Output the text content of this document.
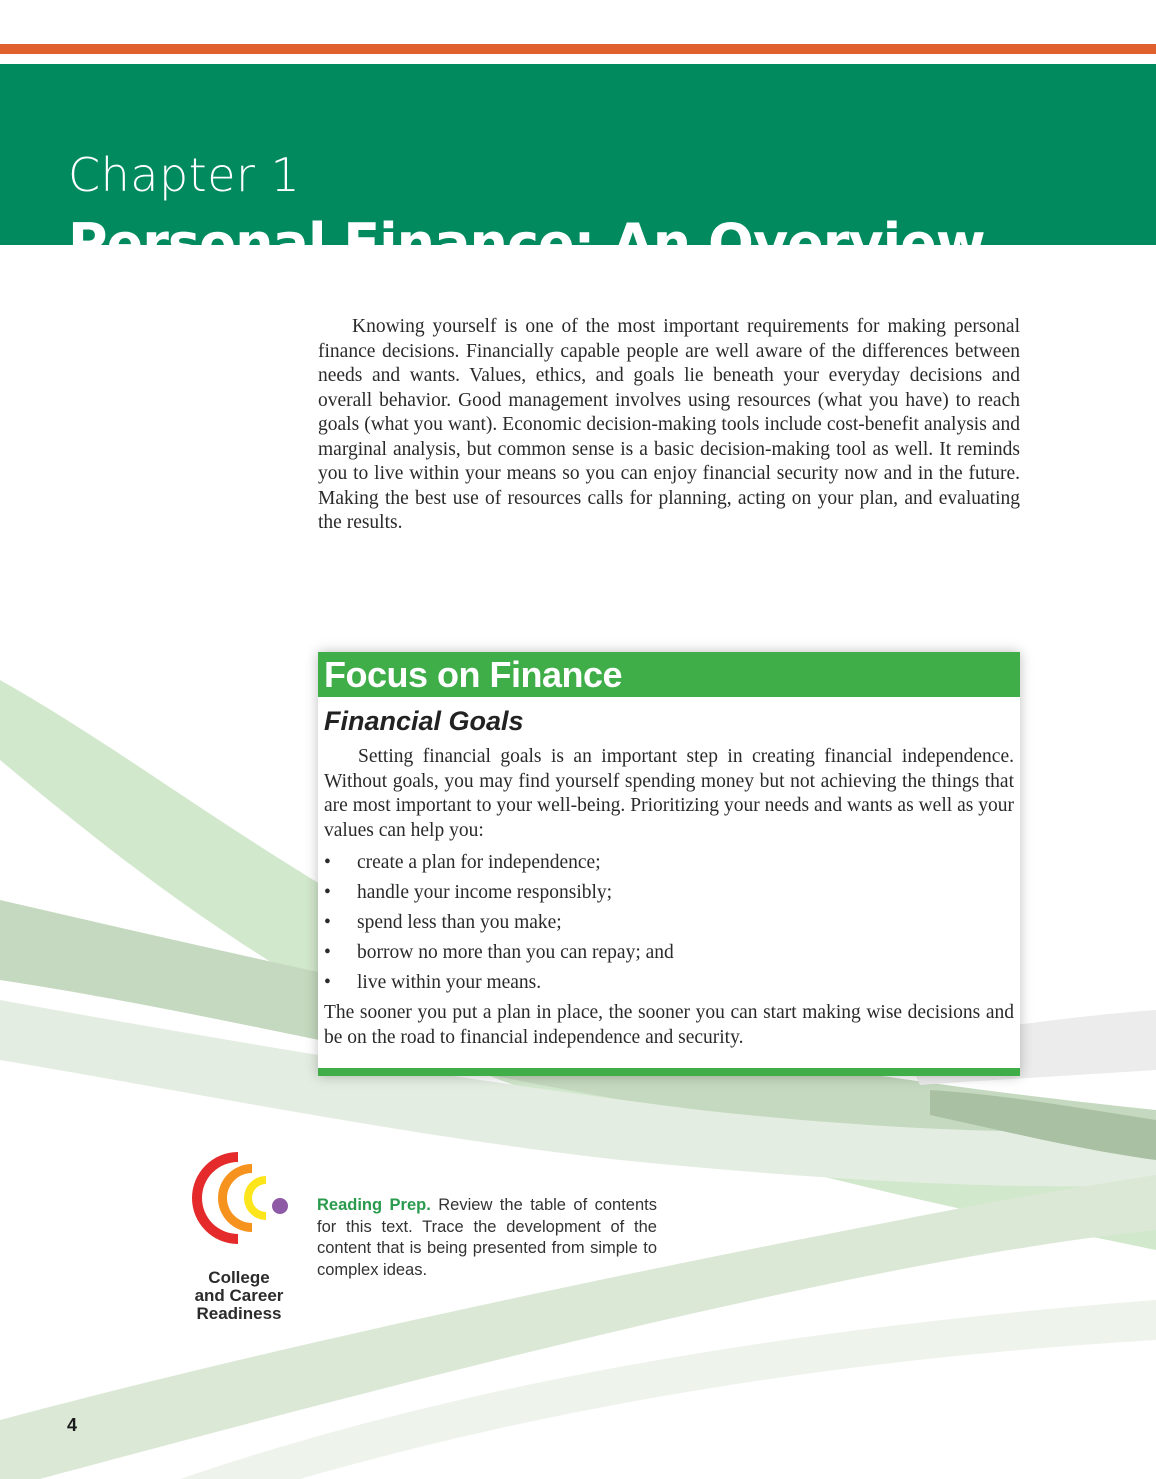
Chapter 1
Personal Finance: An Overview

Knowing yourself is one of the most important requirements for making personal finance decisions. Financially capable people are well aware of the differences between needs and wants. Values, ethics, and goals lie beneath your everyday decisions and overall behavior. Good management involves using resources (what you have) to reach goals (what you want). Economic decision-making tools include cost-benefit analysis and marginal analysis, but common sense is a basic decision-making tool as well. It reminds you to live within your means so you can enjoy financial security now and in the future. Making the best use of resources calls for planning, acting on your plan, and evaluating the results.

Focus on Finance
Financial Goals

Setting financial goals is an important step in creating financial independence. Without goals, you may find yourself spending money but not achieving the things that are most important to your well-being. Prioritizing your needs and wants as well as your values can help you:

• create a plan for independence;
• handle your income responsibly;
• spend less than you make;
• borrow no more than you can repay; and
• live within your means.

The sooner you put a plan in place, the sooner you can start making wise decisions and be on the road to financial independence and security.

College
and Career
Readiness

Reading Prep. Review the table of contents for this text. Trace the development of the content that is being presented from simple to complex ideas.

4
